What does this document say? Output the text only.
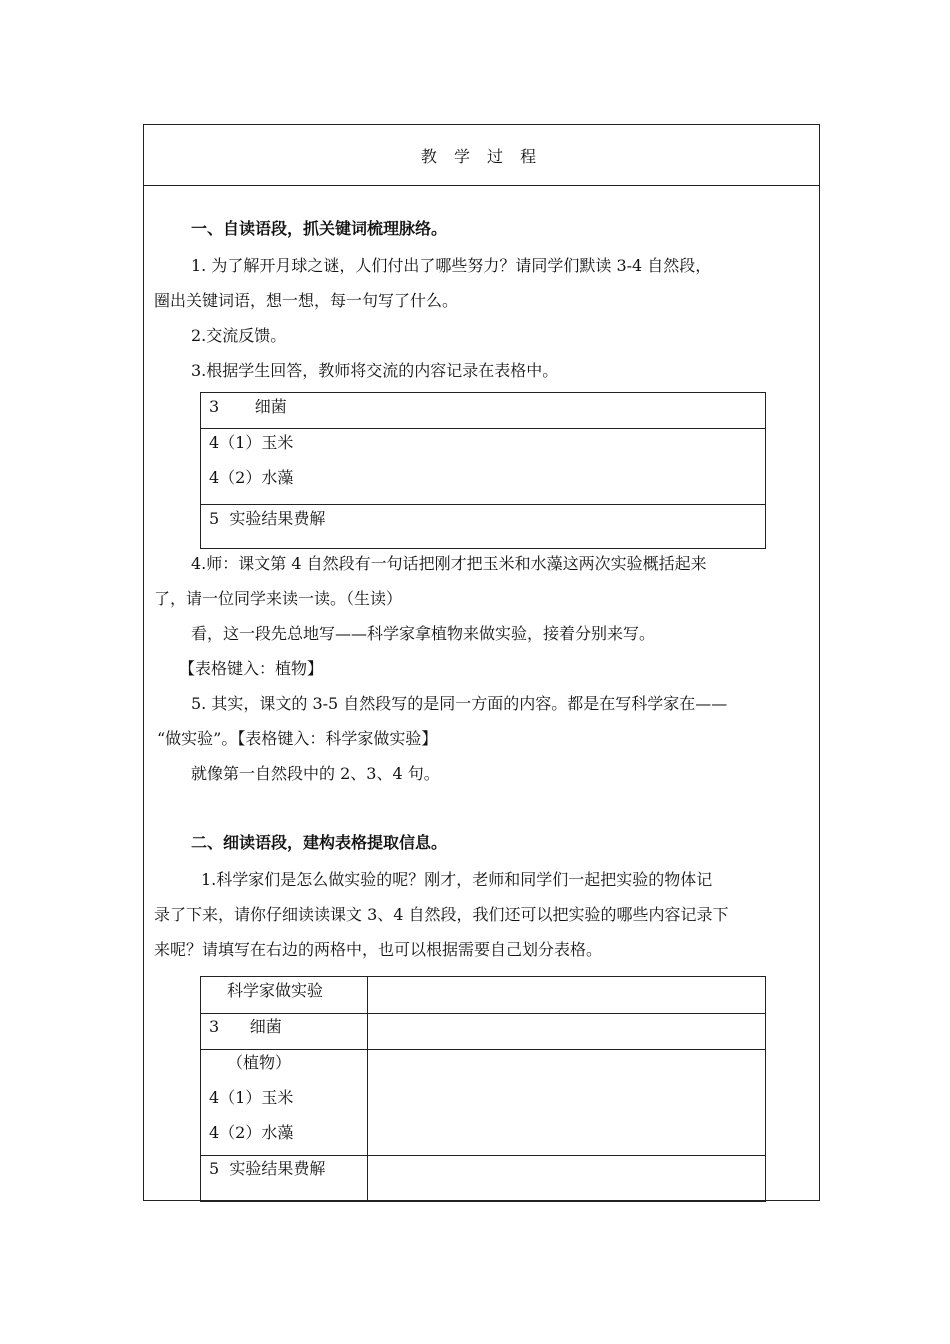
教 学 过 程
一、自读语段，抓关键词梳理脉络。
1. 为了解开月球之谜，人们付出了哪些努力？请同学们默读 3-4 自然段，
圈出关键词语，想一想，每一句写了什么。
2.交流反馈。
3.根据学生回答，教师将交流的内容记录在表格中。
3       细菌
4（1）玉米
4（2）水藻
5  实验结果费解
4.师：课文第 4 自然段有一句话把刚才把玉米和水藻这两次实验概括起来
了，请一位同学来读一读。（生读）
看，这一段先总地写——科学家拿植物来做实验，接着分别来写。
【表格键入：植物】
5. 其实，课文的 3-5 自然段写的是同一方面的内容。都是在写科学家在——
“做实验”。【表格键入：科学家做实验】
就像第一自然段中的 2、3、4 句。
二、细读语段，建构表格提取信息。
1.科学家们是怎么做实验的呢？刚才，老师和同学们一起把实验的物体记
录了下来，请你仔细读读课文 3、4 自然段，我们还可以把实验的哪些内容记录下
来呢？请填写在右边的两格中，也可以根据需要自己划分表格。
科学家做实验
3      细菌
（植物）
4（1）玉米
4（2）水藻
5  实验结果费解
